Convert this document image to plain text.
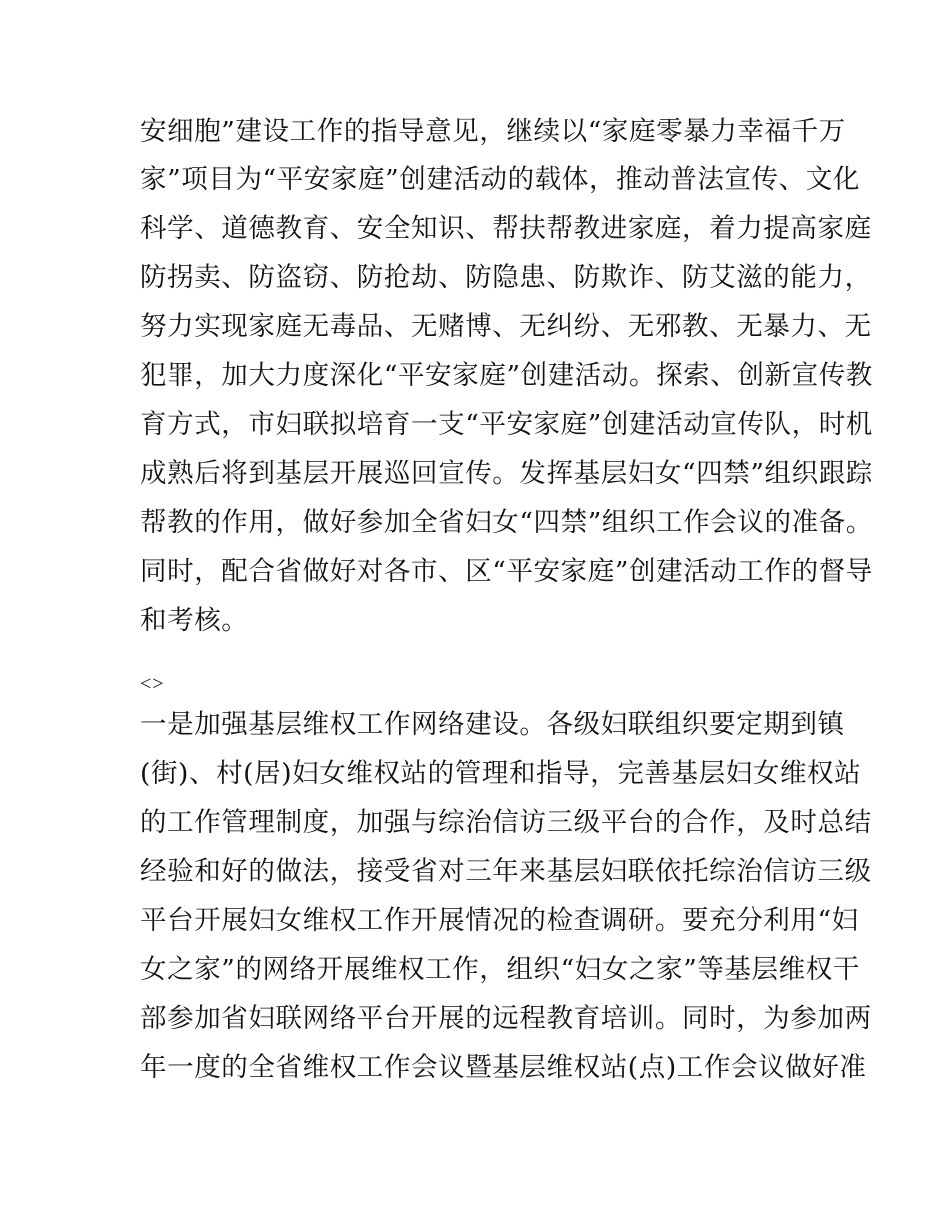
安细胞”建设工作的指导意见，继续以“家庭零暴力幸福千万
家”项目为“平安家庭”创建活动的载体，推动普法宣传、文化
科学、道德教育、安全知识、帮扶帮教进家庭，着力提高家庭
防拐卖、防盗窃、防抢劫、防隐患、防欺诈、防艾滋的能力，
努力实现家庭无毒品、无赌博、无纠纷、无邪教、无暴力、无
犯罪，加大力度深化“平安家庭”创建活动。探索、创新宣传教
育方式，市妇联拟培育一支“平安家庭”创建活动宣传队，时机
成熟后将到基层开展巡回宣传。发挥基层妇女“四禁”组织跟踪
帮教的作用，做好参加全省妇女“四禁”组织工作会议的准备。
同时，配合省做好对各市、区“平安家庭”创建活动工作的督导
和考核。
<>
一是加强基层维权工作网络建设。各级妇联组织要定期到镇
(街)、村(居)妇女维权站的管理和指导，完善基层妇女维权站
的工作管理制度，加强与综治信访三级平台的合作，及时总结
经验和好的做法，接受省对三年来基层妇联依托综治信访三级
平台开展妇女维权工作开展情况的检查调研。要充分利用“妇
女之家”的网络开展维权工作，组织“妇女之家”等基层维权干
部参加省妇联网络平台开展的远程教育培训。同时，为参加两
年一度的全省维权工作会议暨基层维权站(点)工作会议做好准
